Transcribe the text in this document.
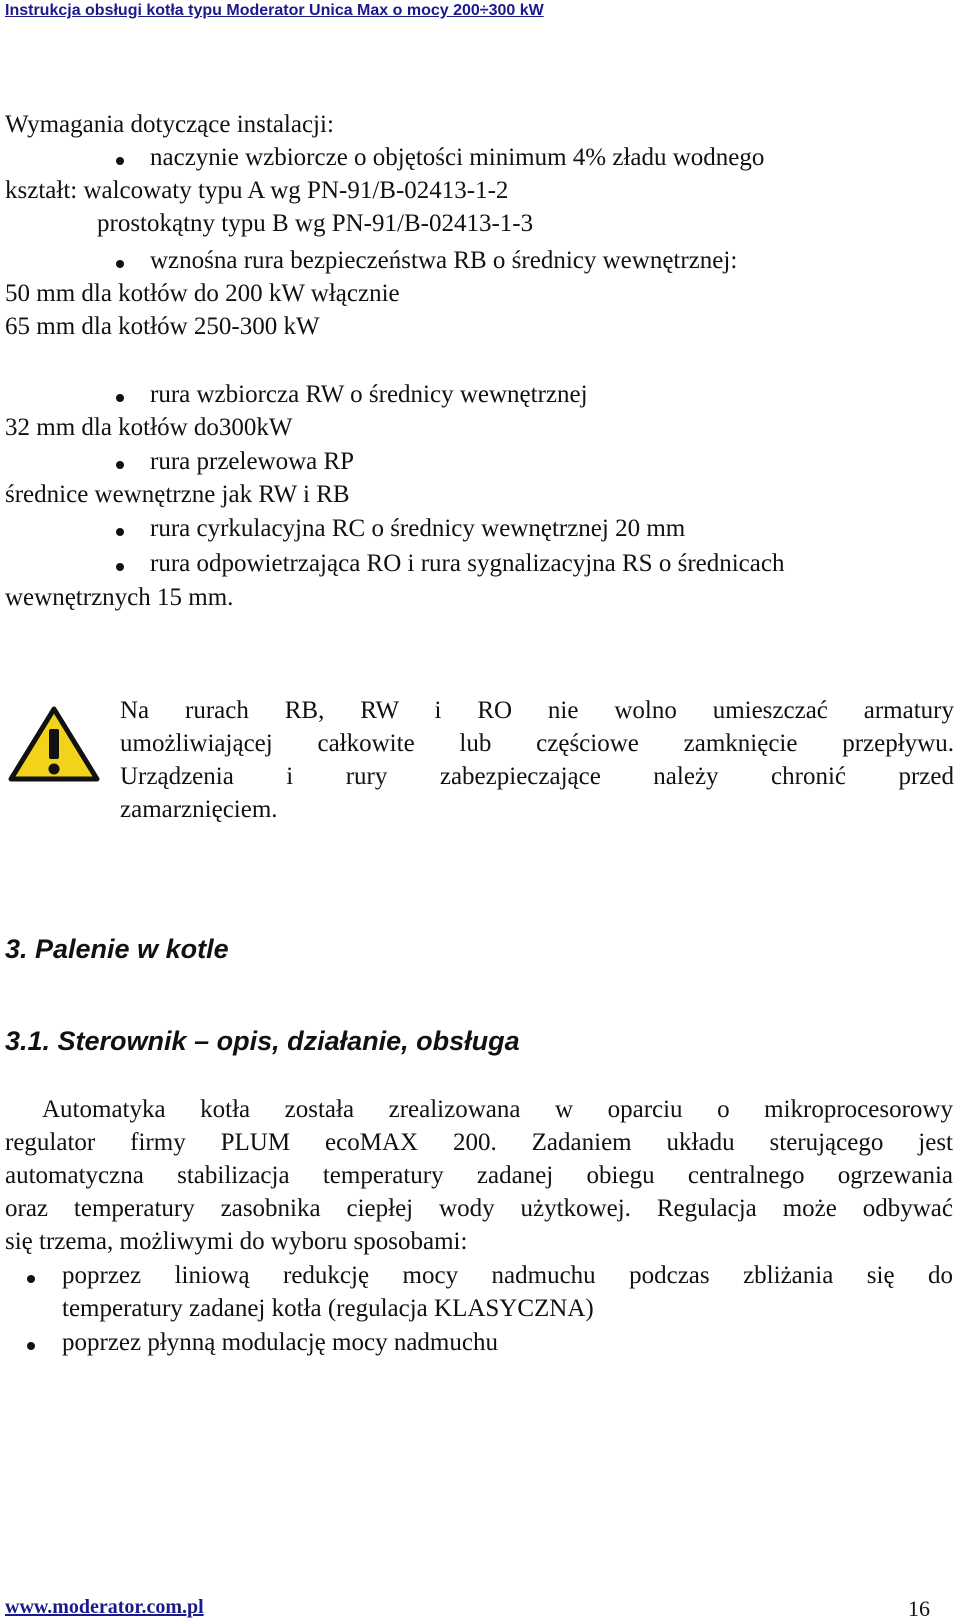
Instrukcja obsługi kotła typu Moderator Unica Max o mocy 200÷300 kW
Wymagania dotyczące instalacji:
naczynie wzbiorcze o objętości minimum 4% zładu wodnego
kształt: walcowaty typu A wg PN-91/B-02413-1-2
prostokątny typu B wg PN-91/B-02413-1-3
wznośna rura bezpieczeństwa RB o średnicy wewnętrznej:
50 mm dla kotłów do 200 kW włącznie
65 mm dla kotłów 250-300 kW
rura wzbiorcza RW o średnicy wewnętrznej
32 mm dla kotłów do300kW
rura przelewowa RP
średnice wewnętrzne jak RW i RB
rura cyrkulacyjna RC o średnicy wewnętrznej 20 mm
rura odpowietrzająca RO i rura sygnalizacyjna RS o średnicach
wewnętrznych 15 mm.
Na rurach RB, RW i RO nie wolno umieszczać armatury
umożliwiającej całkowite lub częściowe zamknięcie przepływu.
Urządzenia i rury zabezpieczające należy chronić przed
zamarznięciem.
3. Palenie w kotle
3.1. Sterownik – opis, działanie, obsługa
Automatyka kotła została zrealizowana w oparciu o mikroprocesorowy
regulator firmy PLUM ecoMAX 200. Zadaniem układu sterującego jest
automatyczna stabilizacja temperatury zadanej obiegu centralnego ogrzewania
oraz temperatury zasobnika ciepłej wody użytkowej. Regulacja może odbywać
się trzema, możliwymi do wyboru sposobami:
poprzez liniową redukcję mocy nadmuchu podczas zbliżania się do
temperatury zadanej kotła (regulacja KLASYCZNA)
poprzez płynną modulację mocy nadmuchu
www.moderator.com.pl	16
